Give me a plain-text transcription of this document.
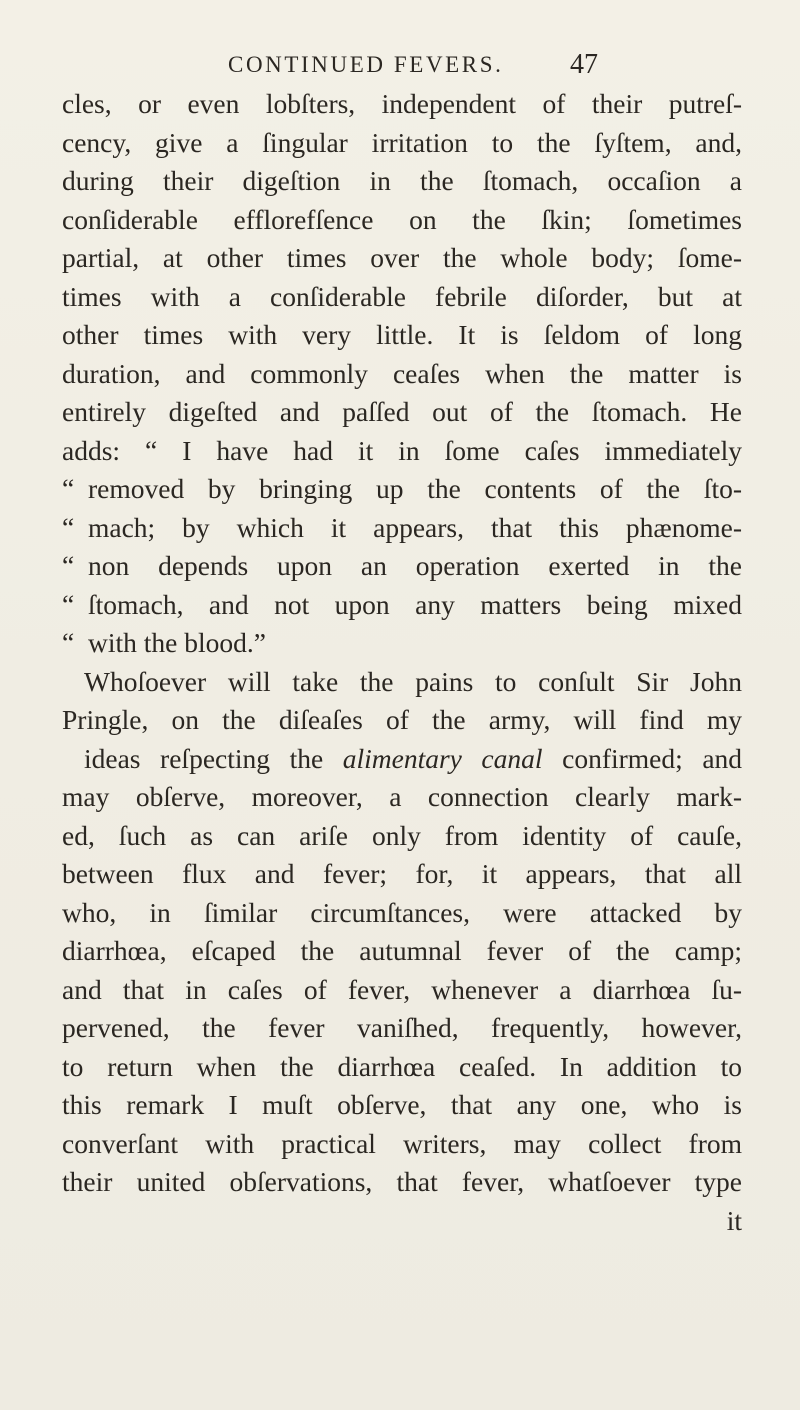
CONTINUED FEVERS. 47
cles, or even lobſters, independent of their putreſ-
cency, give a ſingular irritation to the ſyſtem, and,
during their digeſtion in the ſtomach, occaſion a
conſiderable efflorefſence on the ſkin; ſometimes
partial, at other times over the whole body; ſome-
times with a conſiderable febrile diſorder, but at
other times with very little. It is ſeldom of long
duration, and commonly ceaſes when the matter is
entirely digeſted and paſſed out of the ſtomach. He
adds: “ I have had it in ſome caſes immediately
“ removed by bringing up the contents of the ſto-
“ mach; by which it appears, that this phænome-
“ non depends upon an operation exerted in the
“ ſtomach, and not upon any matters being mixed
“ with the blood.”
Whoſoever will take the pains to conſult Sir John
Pringle, on the diſeaſes of the army, will find my
ideas reſpecting the alimentary canal confirmed; and
may obſerve, moreover, a connection clearly mark-
ed, ſuch as can ariſe only from identity of cauſe,
between flux and fever; for, it appears, that all
who, in ſimilar circumſtances, were attacked by
diarrhœa, eſcaped the autumnal fever of the camp;
and that in caſes of fever, whenever a diarrhœa ſu-
pervened, the fever vaniſhed, frequently, however,
to return when the diarrhœa ceaſed. In addition to
this remark I muſt obſerve, that any one, who is
converſant with practical writers, may collect from
their united obſervations, that fever, whatſoever type
it
